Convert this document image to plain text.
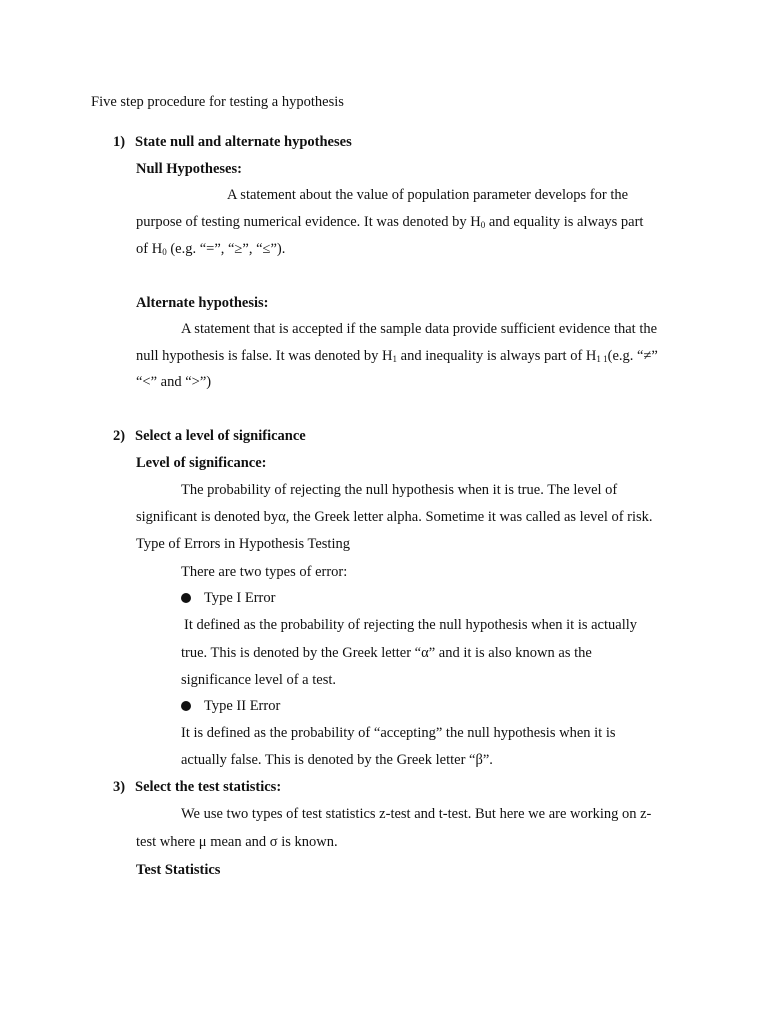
Five step procedure for testing a hypothesis
1) State null and alternate hypotheses
Null Hypotheses:
A statement about the value of population parameter develops for the
purpose of testing numerical evidence. It was denoted by $H_0$ and equality is always part
of $H_0$ (e.g. “=”, “≥”, “≤”).
Alternate hypothesis:
A statement that is accepted if the sample data provide sufficient evidence that the
null hypothesis is false. It was denoted by $H_1$ and inequality is always part of $H_{1 1}(e.g$. “≠”
“<” and “>”)
2) Select a level of significance
Level of significance:
The probability of rejecting the null hypothesis when it is true. The level of
significant is denoted byα, the Greek letter alpha. Sometime it was called as level of risk.
Type of Errors in Hypothesis Testing
There are two types of error:
Type I Error
It defined as the probability of rejecting the null hypothesis when it is actually
true. This is denoted by the Greek letter “α” and it is also known as the
significance level of a test.
Type II Error
It is defined as the probability of “accepting” the null hypothesis when it is
actually false. This is denoted by the Greek letter “β”.
3) Select the test statistics:
We use two types of test statistics z-test and t-test. But here we are working on z-
test where μ mean and σ is known.
Test Statistics
